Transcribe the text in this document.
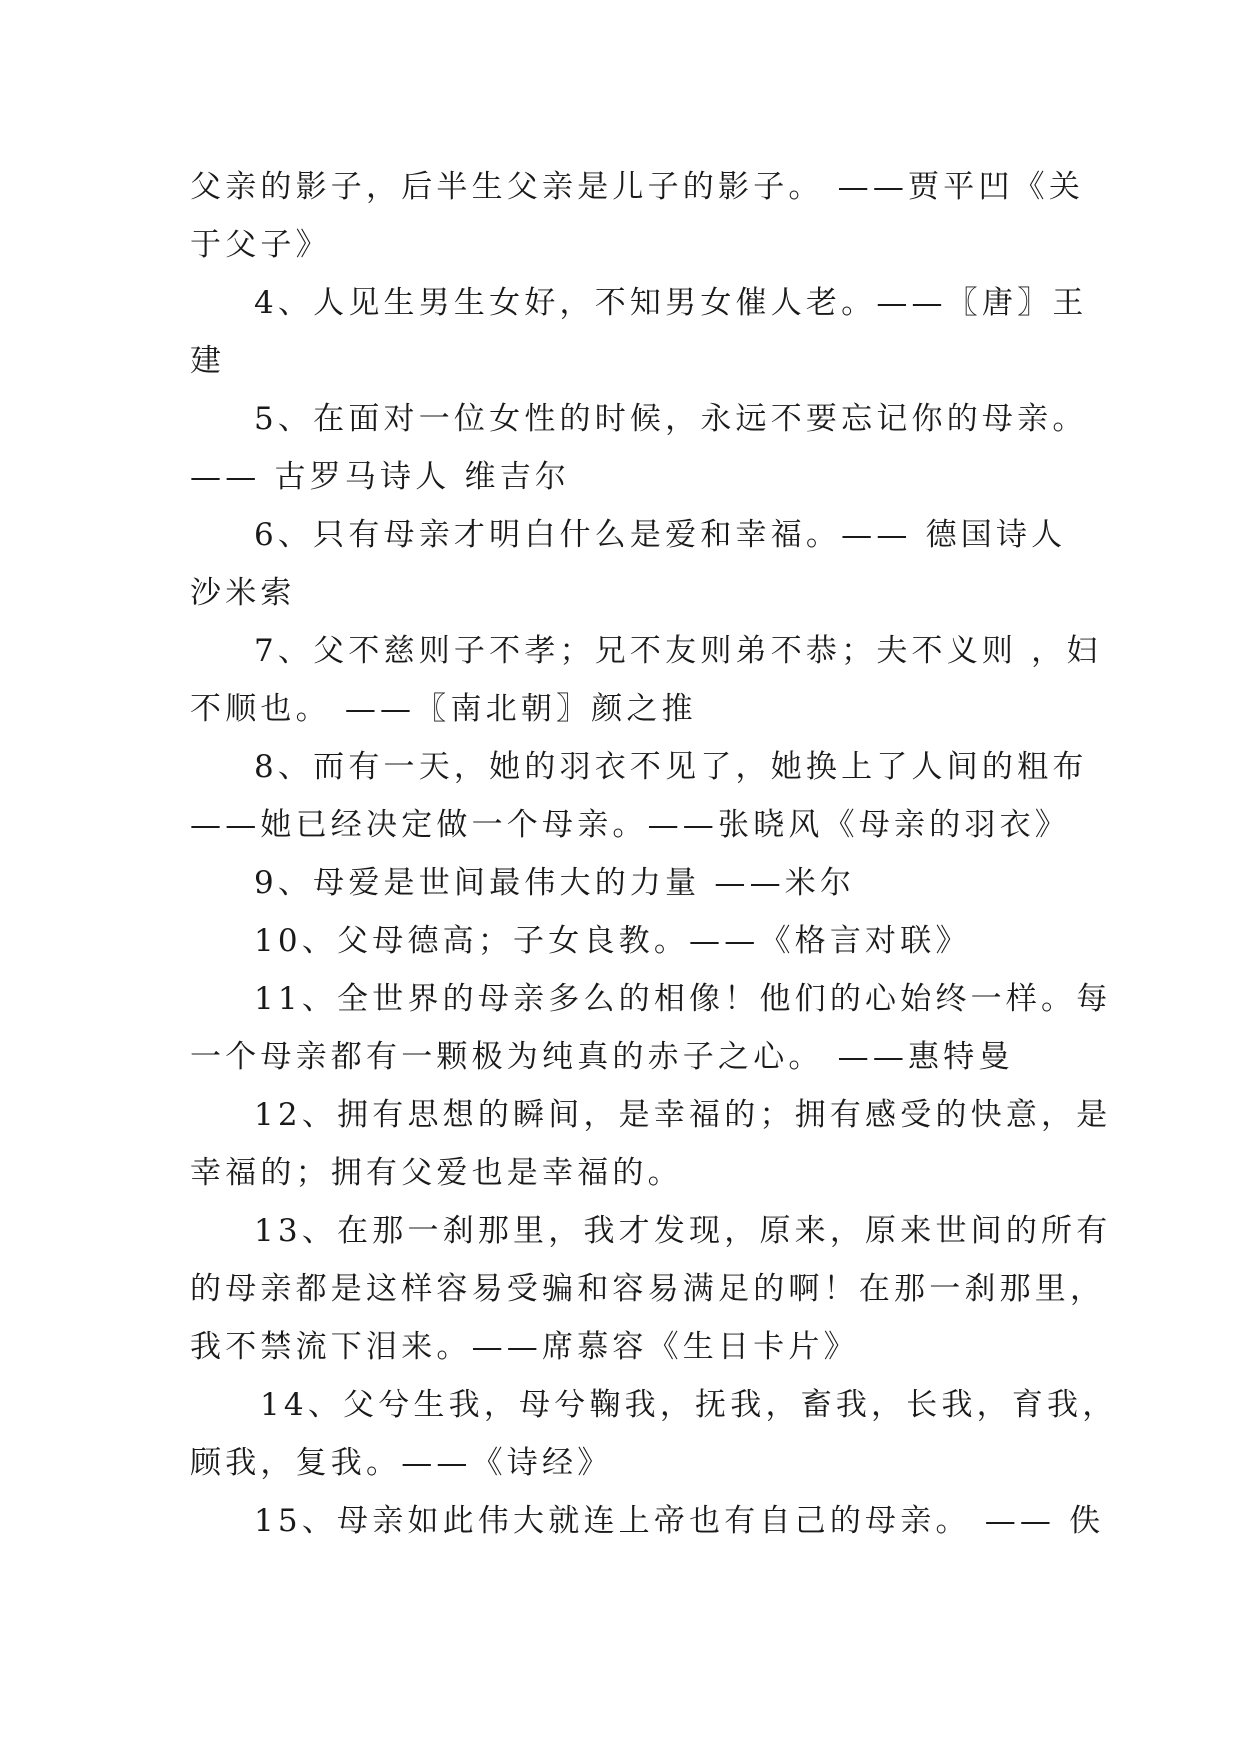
父亲的影子，后半生父亲是儿子的影子。 ——贾平凹《关
于父子》
4、人见生男生女好，不知男女催人老。——〖唐〗王
建
5、在面对一位女性的时候，永远不要忘记你的母亲。
—— 古罗马诗人 维吉尔
6、只有母亲才明白什么是爱和幸福。—— 德国诗人
沙米索
7、父不慈则子不孝；兄不友则弟不恭；夫不义则 ，妇
不顺也。 ——〖南北朝〗颜之推
8、而有一天，她的羽衣不见了，她换上了人间的粗布
——她已经决定做一个母亲。——张晓风《母亲的羽衣》
9、母爱是世间最伟大的力量 ——米尔
10、父母德高；子女良教。——《格言对联》
11、全世界的母亲多么的相像！他们的心始终一样。每
一个母亲都有一颗极为纯真的赤子之心。 ——惠特曼
12、拥有思想的瞬间，是幸福的；拥有感受的快意，是
幸福的；拥有父爱也是幸福的。
13、在那一刹那里，我才发现，原来，原来世间的所有
的母亲都是这样容易受骗和容易满足的啊！在那一刹那里，
我不禁流下泪来。——席慕容《生日卡片》
14、父兮生我，母兮鞠我，抚我，畜我，长我，育我，
顾我，复我。——《诗经》
15、母亲如此伟大就连上帝也有自己的母亲。 —— 佚
